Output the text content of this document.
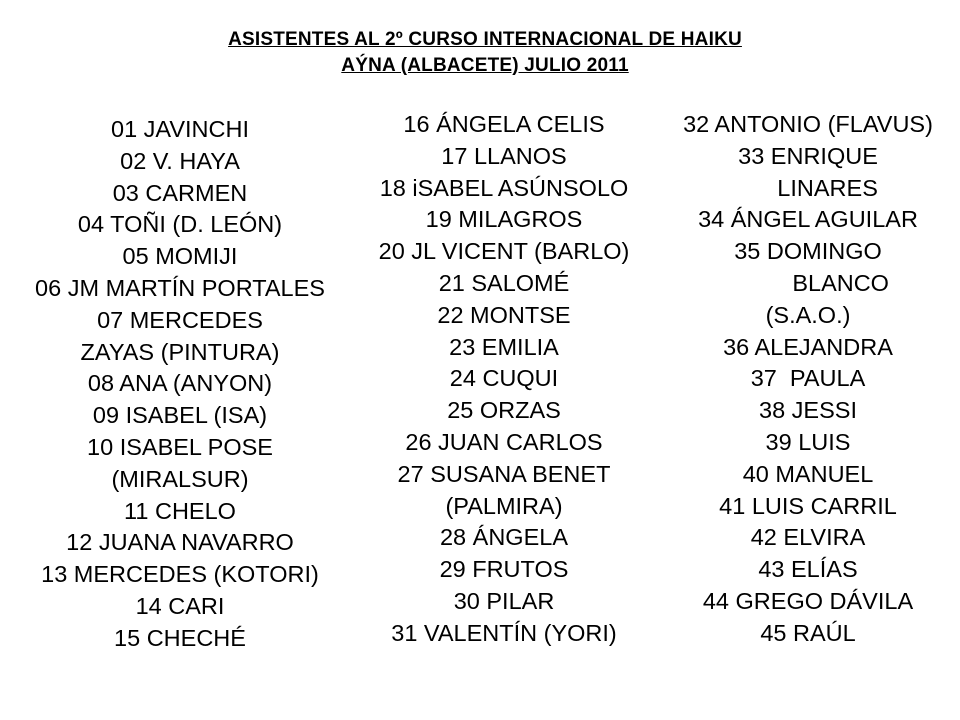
ASISTENTES AL 2º CURSO INTERNACIONAL DE HAIKU
AÝNA (ALBACETE) JULIO 2011
01 JAVINCHI
02 V. HAYA
03 CARMEN
04 TOÑI (D. LEÓN)
05 MOMIJI
06 JM MARTÍN PORTALES
07 MERCEDES
ZAYAS (PINTURA)
08 ANA (ANYON)
09 ISABEL (ISA)
10 ISABEL POSE
(MIRALSUR)
11 CHELO
12 JUANA NAVARRO
13 MERCEDES (KOTORI)
14 CARI
15 CHECHÉ
16 ÁNGELA CELIS
17 LLANOS
18 iSABEL ASÚNSOLO
19 MILAGROS
20 JL VICENT (BARLO)
21 SALOMÉ
22 MONTSE
23 EMILIA
24 CUQUI
25 ORZAS
26 JUAN CARLOS
27 SUSANA BENET
(PALMIRA)
28 ÁNGELA
29 FRUTOS
30 PILAR
31 VALENTÍN (YORI)
32 ANTONIO (FLAVUS)
33 ENRIQUE
LINARES
34 ÁNGEL AGUILAR
35 DOMINGO
BLANCO
(S.A.O.)
36 ALEJANDRA
37  PAULA
38 JESSI
39 LUIS
40 MANUEL
41 LUIS CARRIL
42 ELVIRA
43 ELÍAS
44 GREGO DÁVILA
45 RAÚL
